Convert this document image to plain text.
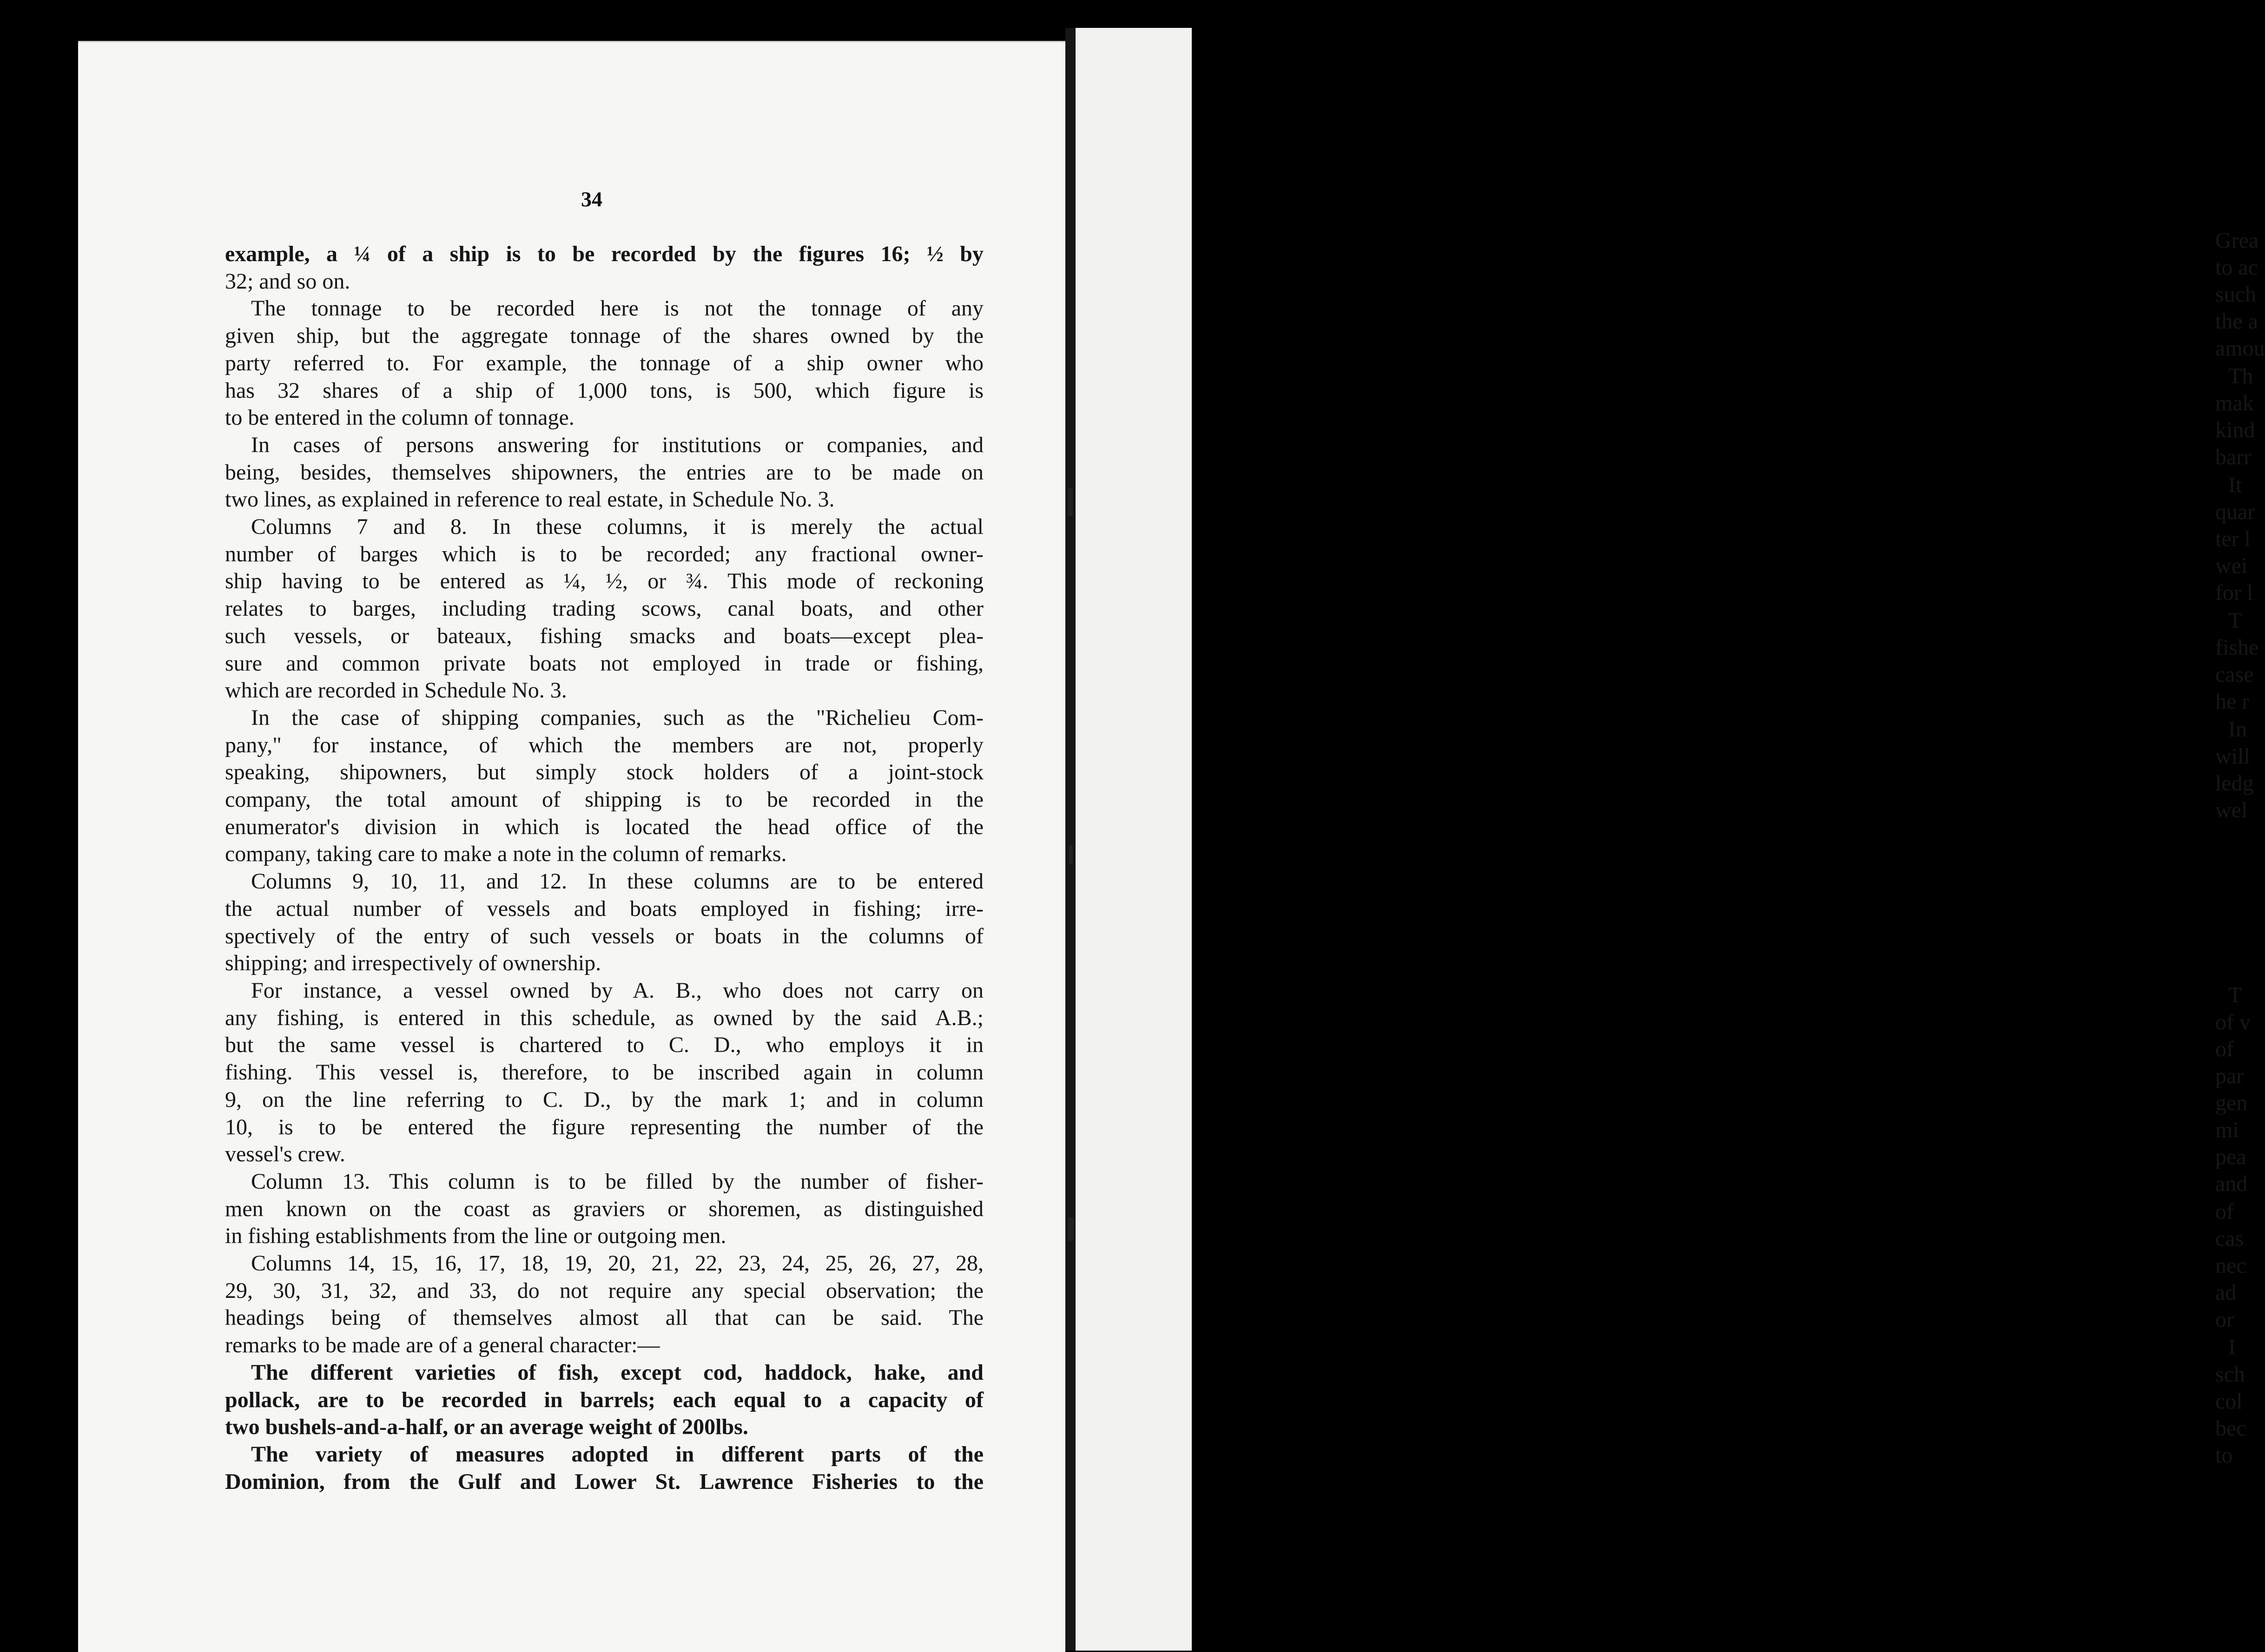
Grea
to ac
such
the a
amou
Th
mak
kind
barr
It
quar
ter l
wei
for l
T
fishe
case
he r
In
will
ledg
wel
T
of v
of
par
gen
mi
pea
and
of
cas
nec
ad
or
I
sch
col
bec
to
34
example, a ¼ of a ship is to be recorded by the figures 16; ½ by
32; and so on.
The tonnage to be recorded here is not the tonnage of any
given ship, but the aggregate tonnage of the shares owned by the
party referred to. For example, the tonnage of a ship owner who
has 32 shares of a ship of 1,000 tons, is 500, which figure is
to be entered in the column of tonnage.
In cases of persons answering for institutions or companies, and
being, besides, themselves shipowners, the entries are to be made on
two lines, as explained in reference to real estate, in Schedule No. 3.
Columns 7 and 8. In these columns, it is merely the actual
number of barges which is to be recorded; any fractional owner-
ship having to be entered as ¼, ½, or ¾. This mode of reckoning
relates to barges, including trading scows, canal boats, and other
such vessels, or bateaux, fishing smacks and boats—except plea-
sure and common private boats not employed in trade or fishing,
which are recorded in Schedule No. 3.
In the case of shipping companies, such as the "Richelieu Com-
pany," for instance, of which the members are not, properly
speaking, shipowners, but simply stock holders of a joint-stock
company, the total amount of shipping is to be recorded in the
enumerator's division in which is located the head office of the
company, taking care to make a note in the column of remarks.
Columns 9, 10, 11, and 12. In these columns are to be entered
the actual number of vessels and boats employed in fishing; irre-
spectively of the entry of such vessels or boats in the columns of
shipping; and irrespectively of ownership.
For instance, a vessel owned by A. B., who does not carry on
any fishing, is entered in this schedule, as owned by the said A.B.;
but the same vessel is chartered to C. D., who employs it in
fishing. This vessel is, therefore, to be inscribed again in column
9, on the line referring to C. D., by the mark 1; and in column
10, is to be entered the figure representing the number of the
vessel's crew.
Column 13. This column is to be filled by the number of fisher-
men known on the coast as graviers or shoremen, as distinguished
in fishing establishments from the line or outgoing men.
Columns 14, 15, 16, 17, 18, 19, 20, 21, 22, 23, 24, 25, 26, 27, 28,
29, 30, 31, 32, and 33, do not require any special observation; the
headings being of themselves almost all that can be said. The
remarks to be made are of a general character:—
The different varieties of fish, except cod, haddock, hake, and
pollack, are to be recorded in barrels; each equal to a capacity of
two bushels-and-a-half, or an average weight of 200lbs.
The variety of measures adopted in different parts of the
Dominion, from the Gulf and Lower St. Lawrence Fisheries to the
